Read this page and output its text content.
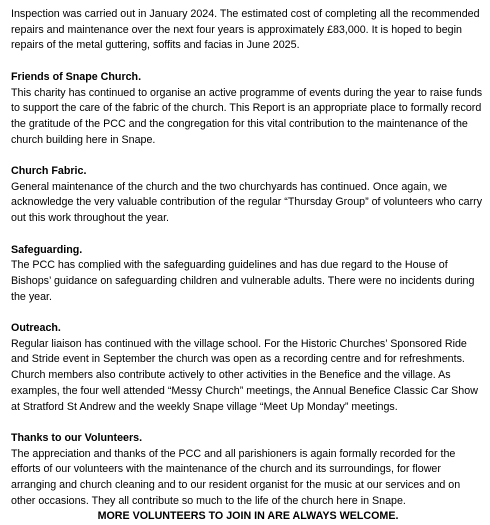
Inspection was carried out in January 2024. The estimated cost of completing all the recommended repairs and maintenance over the next four years is approximately £83,000. It is hoped to begin repairs of the metal guttering, soffits and facias in June 2025.

Friends of Snape Church.

This charity has continued to organise an active programme of events during the year to raise funds to support the care of the fabric of the church. This Report is an appropriate place to formally record the gratitude of the PCC and the congregation for this vital contribution to the maintenance of the church building here in Snape.

Church Fabric.

General maintenance of the church and the two churchyards has continued. Once again, we acknowledge the very valuable contribution of the regular “Thursday Group” of volunteers who carry out this work throughout the year.

Safeguarding.

The PCC has complied with the safeguarding guidelines and has due regard to the House of Bishops’ guidance on safeguarding children and vulnerable adults. There were no incidents during the year.

Outreach.

Regular liaison has continued with the village school. For the Historic Churches’ Sponsored Ride and Stride event in September the church was open as a recording centre and for refreshments. Church members also contribute actively to other activities in the Benefice and the village. As examples, the four well attended “Messy Church” meetings, the Annual Benefice Classic Car Show at Stratford St Andrew and the weekly Snape village “Meet Up Monday” meetings.

Thanks to our Volunteers.

The appreciation and thanks of the PCC and all parishioners is again formally recorded for the efforts of our volunteers with the maintenance of the church and its surroundings, for flower arranging and church cleaning and to our resident organist for the music at our services and on other occasions. They all contribute so much to the life of the church here in Snape.

MORE VOLUNTEERS TO JOIN IN ARE ALWAYS WELCOME.
